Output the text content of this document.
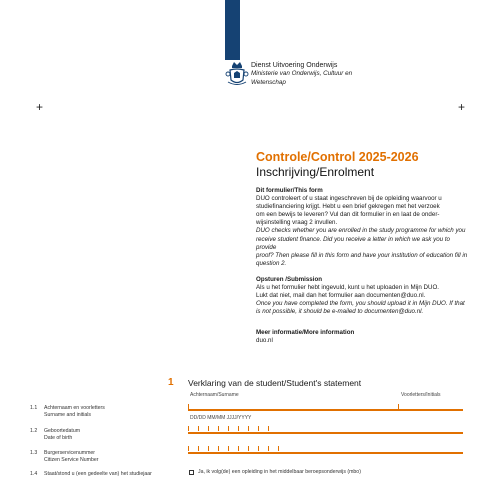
Dienst Uitvoering Onderwijs
Ministerie van Onderwijs, Cultuur en
Wetenschap
+	+
Controle/Control 2025-2026
Inschrijving/Enrolment
Dit formulier/This form
DUO controleert of u staat ingeschreven bij de opleiding waarvoor u
studiefinanciering krijgt. Hebt u een brief gekregen met het verzoek
om een bewijs te leveren? Vul dan dit formulier in en laat de onder-
wijsinstelling vraag 2 invullen.
DUO checks whether you are enrolled in the study programme for which you
receive student finance. Did you receive a letter in which we ask you to provide
proof? Then please fill in this form and have your institution of education fill in
question 2.
Opsturen /Submission
Als u het formulier hebt ingevuld, kunt u het uploaden in Mijn DUO.
Lukt dat niet, mail dan het formulier aan documenten@duo.nl.
Once you have completed the form, you should upload it in Mijn DUO. If that
is not possible, it should be e-mailed to documenten@duo.nl.
Meer informatie/More information
duo.nl
1 Verklaring van de student/Student's statement
Achternaam/Surname	Voorletters/Initials
1.1 Achternaam en voorletters
Surname and initials
DD/DD MM/MM JJJJ/YYYY
1.2 Geboortedatum
Date of birth
1.3 Burgerservicenummer
Citizen Service Number
1.4 Staat/stond u (een gedeelte van) het studiejaar	Ja, ik volg(de) een opleiding in het middelbaar beroepsonderwijs (mbo)
